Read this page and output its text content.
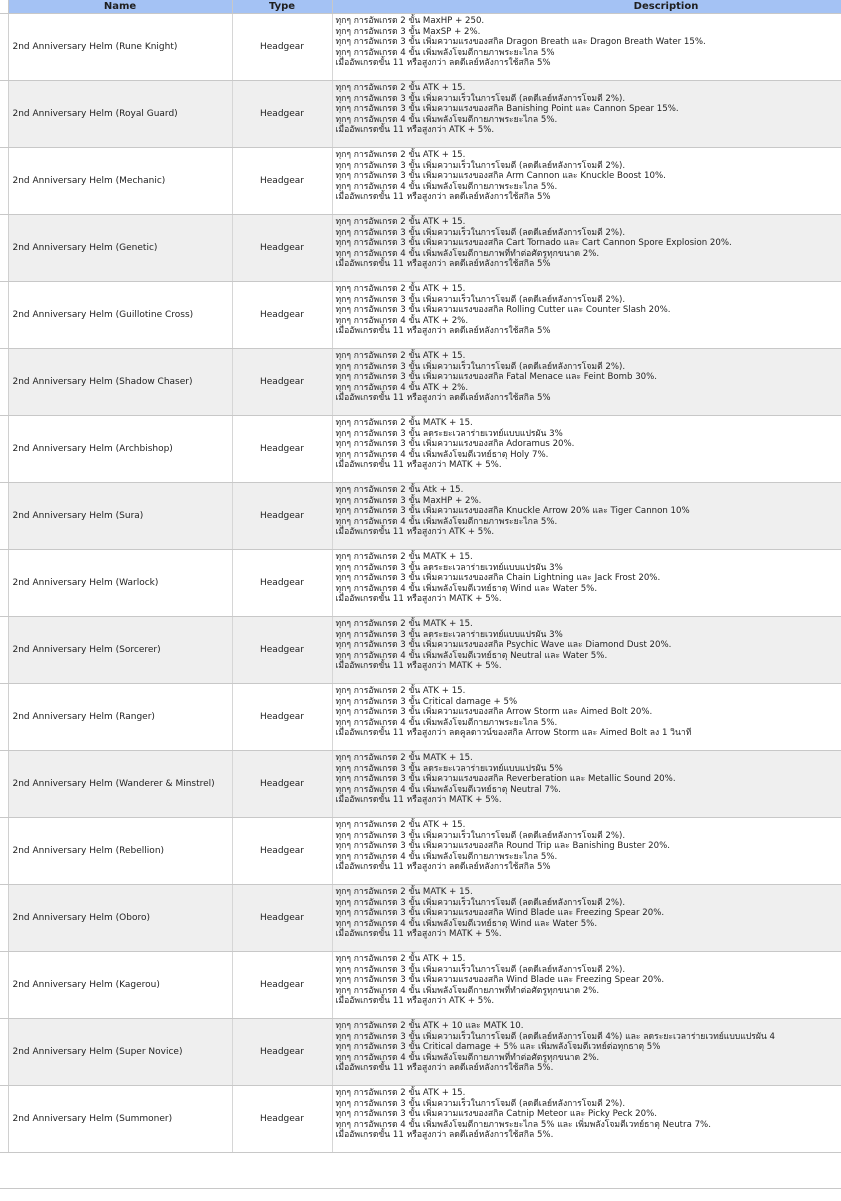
	Name	Type	Description
	2nd Anniversary Helm (Rune Knight)	Headgear	ทุกๆ การอัพเกรด 2 ขั้น MaxHP + 250.
ทุกๆ การอัพเกรด 3 ขั้น MaxSP + 2%.
ทุกๆ การอัพเกรด 3 ขั้น เพิ่มความแรงของสกิล Dragon Breath และ Dragon Breath Water 15%.
ทุกๆ การอัพเกรด 4 ขั้น เพิ่มพลังโจมตีกายภาพระยะไกล 5%
เมื่ออัพเกรดขั้น 11 หรือสูงกว่า ลดดีเลย์หลังการใช้สกิล 5%

	2nd Anniversary Helm (Royal Guard)	Headgear	ทุกๆ การอัพเกรด 2 ขั้น ATK + 15.
ทุกๆ การอัพเกรด 3 ขั้น เพิ่มความเร็วในการโจมตี (ลดดีเลย์หลังการโจมตี 2%).
ทุกๆ การอัพเกรด 3 ขั้น เพิ่มความแรงของสกิล Banishing Point และ Cannon Spear 15%.
ทุกๆ การอัพเกรด 4 ขั้น เพิ่มพลังโจมตีกายภาพระยะไกล 5%.
เมื่ออัพเกรดขั้น 11 หรือสูงกว่า ATK + 5%.

	2nd Anniversary Helm (Mechanic)	Headgear	ทุกๆ การอัพเกรด 2 ขั้น ATK + 15.
ทุกๆ การอัพเกรด 3 ขั้น เพิ่มความเร็วในการโจมตี (ลดดีเลย์หลังการโจมตี 2%).
ทุกๆ การอัพเกรด 3 ขั้น เพิ่มความแรงของสกิล Arm Cannon และ Knuckle Boost 10%.
ทุกๆ การอัพเกรด 4 ขั้น เพิ่มพลังโจมตีกายภาพระยะไกล 5%.
เมื่ออัพเกรดขั้น 11 หรือสูงกว่า ลดดีเลย์หลังการใช้สกิล 5%

	2nd Anniversary Helm (Genetic)	Headgear	ทุกๆ การอัพเกรด 2 ขั้น ATK + 15.
ทุกๆ การอัพเกรด 3 ขั้น เพิ่มความเร็วในการโจมตี (ลดดีเลย์หลังการโจมตี 2%).
ทุกๆ การอัพเกรด 3 ขั้น เพิ่มความแรงของสกิล Cart Tornado และ Cart Cannon Spore Explosion 20%.
ทุกๆ การอัพเกรด 4 ขั้น เพิ่มพลังโจมตีกายภาพที่ทำต่อศัตรูทุกขนาด 2%.
เมื่ออัพเกรดขั้น 11 หรือสูงกว่า ลดดีเลย์หลังการใช้สกิล 5%

	2nd Anniversary Helm (Guillotine Cross)	Headgear	ทุกๆ การอัพเกรด 2 ขั้น ATK + 15.
ทุกๆ การอัพเกรด 3 ขั้น เพิ่มความเร็วในการโจมตี (ลดดีเลย์หลังการโจมตี 2%).
ทุกๆ การอัพเกรด 3 ขั้น เพิ่มความแรงของสกิล Rolling Cutter และ Counter Slash 20%.
ทุกๆ การอัพเกรด 4 ขั้น ATK + 2%.
เมื่ออัพเกรดขั้น 11 หรือสูงกว่า ลดดีเลย์หลังการใช้สกิล 5%

	2nd Anniversary Helm (Shadow Chaser)	Headgear	ทุกๆ การอัพเกรด 2 ขั้น ATK + 15.
ทุกๆ การอัพเกรด 3 ขั้น เพิ่มความเร็วในการโจมตี (ลดดีเลย์หลังการโจมตี 2%).
ทุกๆ การอัพเกรด 3 ขั้น เพิ่มความแรงของสกิล Fatal Menace และ Feint Bomb 30%.
ทุกๆ การอัพเกรด 4 ขั้น ATK + 2%.
เมื่ออัพเกรดขั้น 11 หรือสูงกว่า ลดดีเลย์หลังการใช้สกิล 5%

	2nd Anniversary Helm (Archbishop)	Headgear	ทุกๆ การอัพเกรด 2 ขั้น MATK + 15.
ทุกๆ การอัพเกรด 3 ขั้น ลดระยะเวลาร่ายเวทย์แบบแปรผัน 3%
ทุกๆ การอัพเกรด 3 ขั้น เพิ่มความแรงของสกิล Adoramus 20%.
ทุกๆ การอัพเกรด 4 ขั้น เพิ่มพลังโจมตีเวทย์ธาตุ Holy 7%.
เมื่ออัพเกรดขั้น 11 หรือสูงกว่า MATK + 5%.

	2nd Anniversary Helm (Sura)	Headgear	ทุกๆ การอัพเกรด 2 ขั้น Atk + 15.
ทุกๆ การอัพเกรด 3 ขั้น MaxHP + 2%.
ทุกๆ การอัพเกรด 3 ขั้น เพิ่มความแรงของสกิล Knuckle Arrow 20% และ Tiger Cannon 10%
ทุกๆ การอัพเกรด 4 ขั้น เพิ่มพลังโจมตีกายภาพระยะไกล 5%.
เมื่ออัพเกรดขั้น 11 หรือสูงกว่า ATK + 5%.

	2nd Anniversary Helm (Warlock)	Headgear	ทุกๆ การอัพเกรด 2 ขั้น MATK + 15.
ทุกๆ การอัพเกรด 3 ขั้น ลดระยะเวลาร่ายเวทย์แบบแปรผัน 3%
ทุกๆ การอัพเกรด 3 ขั้น เพิ่มความแรงของสกิล Chain Lightning และ Jack Frost 20%.
ทุกๆ การอัพเกรด 4 ขั้น เพิ่มพลังโจมตีเวทย์ธาตุ Wind และ Water 5%.
เมื่ออัพเกรดขั้น 11 หรือสูงกว่า MATK + 5%.

	2nd Anniversary Helm (Sorcerer)	Headgear	ทุกๆ การอัพเกรด 2 ขั้น MATK + 15.
ทุกๆ การอัพเกรด 3 ขั้น ลดระยะเวลาร่ายเวทย์แบบแปรผัน 3%
ทุกๆ การอัพเกรด 3 ขั้น เพิ่มความแรงของสกิล Psychic Wave และ Diamond Dust 20%.
ทุกๆ การอัพเกรด 4 ขั้น เพิ่มพลังโจมตีเวทย์ธาตุ Neutral และ Water 5%.
เมื่ออัพเกรดขั้น 11 หรือสูงกว่า MATK + 5%.

	2nd Anniversary Helm (Ranger)	Headgear	ทุกๆ การอัพเกรด 2 ขั้น ATK + 15.
ทุกๆ การอัพเกรด 3 ขั้น Critical damage + 5%
ทุกๆ การอัพเกรด 3 ขั้น เพิ่มความแรงของสกิล Arrow Storm และ Aimed Bolt 20%.
ทุกๆ การอัพเกรด 4 ขั้น เพิ่มพลังโจมตีกายภาพระยะไกล 5%.
เมื่ออัพเกรดขั้น 11 หรือสูงกว่า ลดคูลดาวน์ของสกิล Arrow Storm และ Aimed Bolt ลง 1 วินาที

	2nd Anniversary Helm (Wanderer & Minstrel)	Headgear	ทุกๆ การอัพเกรด 2 ขั้น MATK + 15.
ทุกๆ การอัพเกรด 3 ขั้น ลดระยะเวลาร่ายเวทย์แบบแปรผัน 5%
ทุกๆ การอัพเกรด 3 ขั้น เพิ่มความแรงของสกิล Reverberation และ Metallic Sound 20%.
ทุกๆ การอัพเกรด 4 ขั้น เพิ่มพลังโจมตีเวทย์ธาตุ Neutral 7%.
เมื่ออัพเกรดขั้น 11 หรือสูงกว่า MATK + 5%.

	2nd Anniversary Helm (Rebellion)	Headgear	ทุกๆ การอัพเกรด 2 ขั้น ATK + 15.
ทุกๆ การอัพเกรด 3 ขั้น เพิ่มความเร็วในการโจมตี (ลดดีเลย์หลังการโจมตี 2%).
ทุกๆ การอัพเกรด 3 ขั้น เพิ่มความแรงของสกิล Round Trip และ Banishing Buster 20%.
ทุกๆ การอัพเกรด 4 ขั้น เพิ่มพลังโจมตีกายภาพระยะไกล 5%.
เมื่ออัพเกรดขั้น 11 หรือสูงกว่า ลดดีเลย์หลังการใช้สกิล 5%

	2nd Anniversary Helm (Oboro)	Headgear	ทุกๆ การอัพเกรด 2 ขั้น MATK + 15.
ทุกๆ การอัพเกรด 3 ขั้น เพิ่มความเร็วในการโจมตี (ลดดีเลย์หลังการโจมตี 2%).
ทุกๆ การอัพเกรด 3 ขั้น เพิ่มความแรงของสกิล Wind Blade และ Freezing Spear 20%.
ทุกๆ การอัพเกรด 4 ขั้น เพิ่มพลังโจมตีเวทย์ธาตุ Wind และ Water 5%.
เมื่ออัพเกรดขั้น 11 หรือสูงกว่า MATK + 5%.

	2nd Anniversary Helm (Kagerou)	Headgear	ทุกๆ การอัพเกรด 2 ขั้น ATK + 15.
ทุกๆ การอัพเกรด 3 ขั้น เพิ่มความเร็วในการโจมตี (ลดดีเลย์หลังการโจมตี 2%).
ทุกๆ การอัพเกรด 3 ขั้น เพิ่มความแรงของสกิล Wind Blade และ Freezing Spear 20%.
ทุกๆ การอัพเกรด 4 ขั้น เพิ่มพลังโจมตีกายภาพที่ทำต่อศัตรูทุกขนาด 2%.
เมื่ออัพเกรดขั้น 11 หรือสูงกว่า ATK + 5%.

	2nd Anniversary Helm (Super Novice)	Headgear	ทุกๆ การอัพเกรด 2 ขั้น ATK + 10 และ MATK 10.
ทุกๆ การอัพเกรด 3 ขั้น เพิ่มความเร็วในการโจมตี (ลดดีเลย์หลังการโจมตี 4%) และ ลดระยะเวลาร่ายเวทย์แบบแปรผัน 4
ทุกๆ การอัพเกรด 3 ขั้น Critical damage + 5% และ เพิ่มพลังโจมตีเวทย์ต่อทุกธาตุ 5%
ทุกๆ การอัพเกรด 4 ขั้น เพิ่มพลังโจมตีกายภาพที่ทำต่อศัตรูทุกขนาด 2%.
เมื่ออัพเกรดขั้น 11 หรือสูงกว่า ลดดีเลย์หลังการใช้สกิล 5%.

	2nd Anniversary Helm (Summoner)	Headgear	ทุกๆ การอัพเกรด 2 ขั้น ATK + 15.
ทุกๆ การอัพเกรด 3 ขั้น เพิ่มความเร็วในการโจมตี (ลดดีเลย์หลังการโจมตี 2%).
ทุกๆ การอัพเกรด 3 ขั้น เพิ่มความแรงของสกิล Catnip Meteor และ Picky Peck 20%.
ทุกๆ การอัพเกรด 4 ขั้น เพิ่มพลังโจมตีกายภาพระยะไกล 5% และ เพิ่มพลังโจมตีเวทย์ธาตุ Neutra 7%.
เมื่ออัพเกรดขั้น 11 หรือสูงกว่า ลดดีเลย์หลังการใช้สกิล 5%.
